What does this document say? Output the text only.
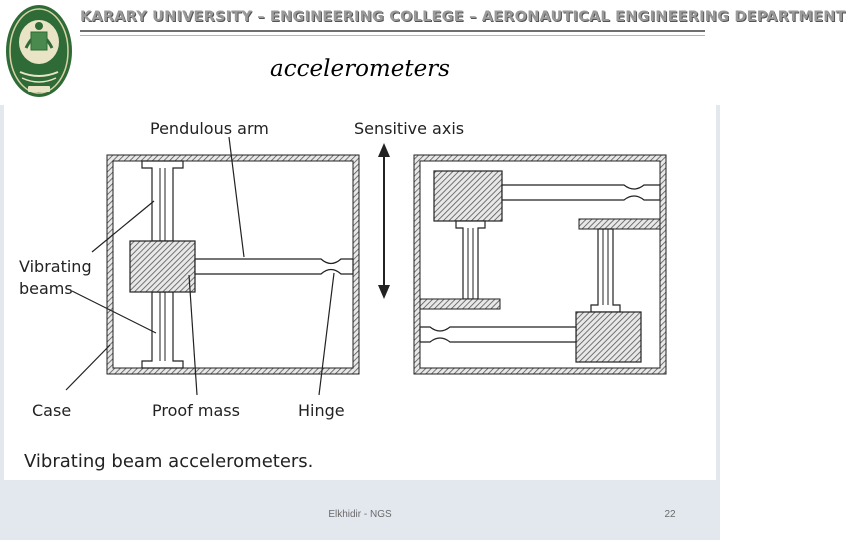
KARARY UNIVERSITY – ENGINEERING COLLEGE – AERONAUTICAL ENGINEERING DEPARTMENT
accelerometers
Pendulous arm	Sensitive axis
Vibrating
beams
Case	Proof mass	Hinge
Vibrating beam accelerometers.
Elkhidir - NGS	22
